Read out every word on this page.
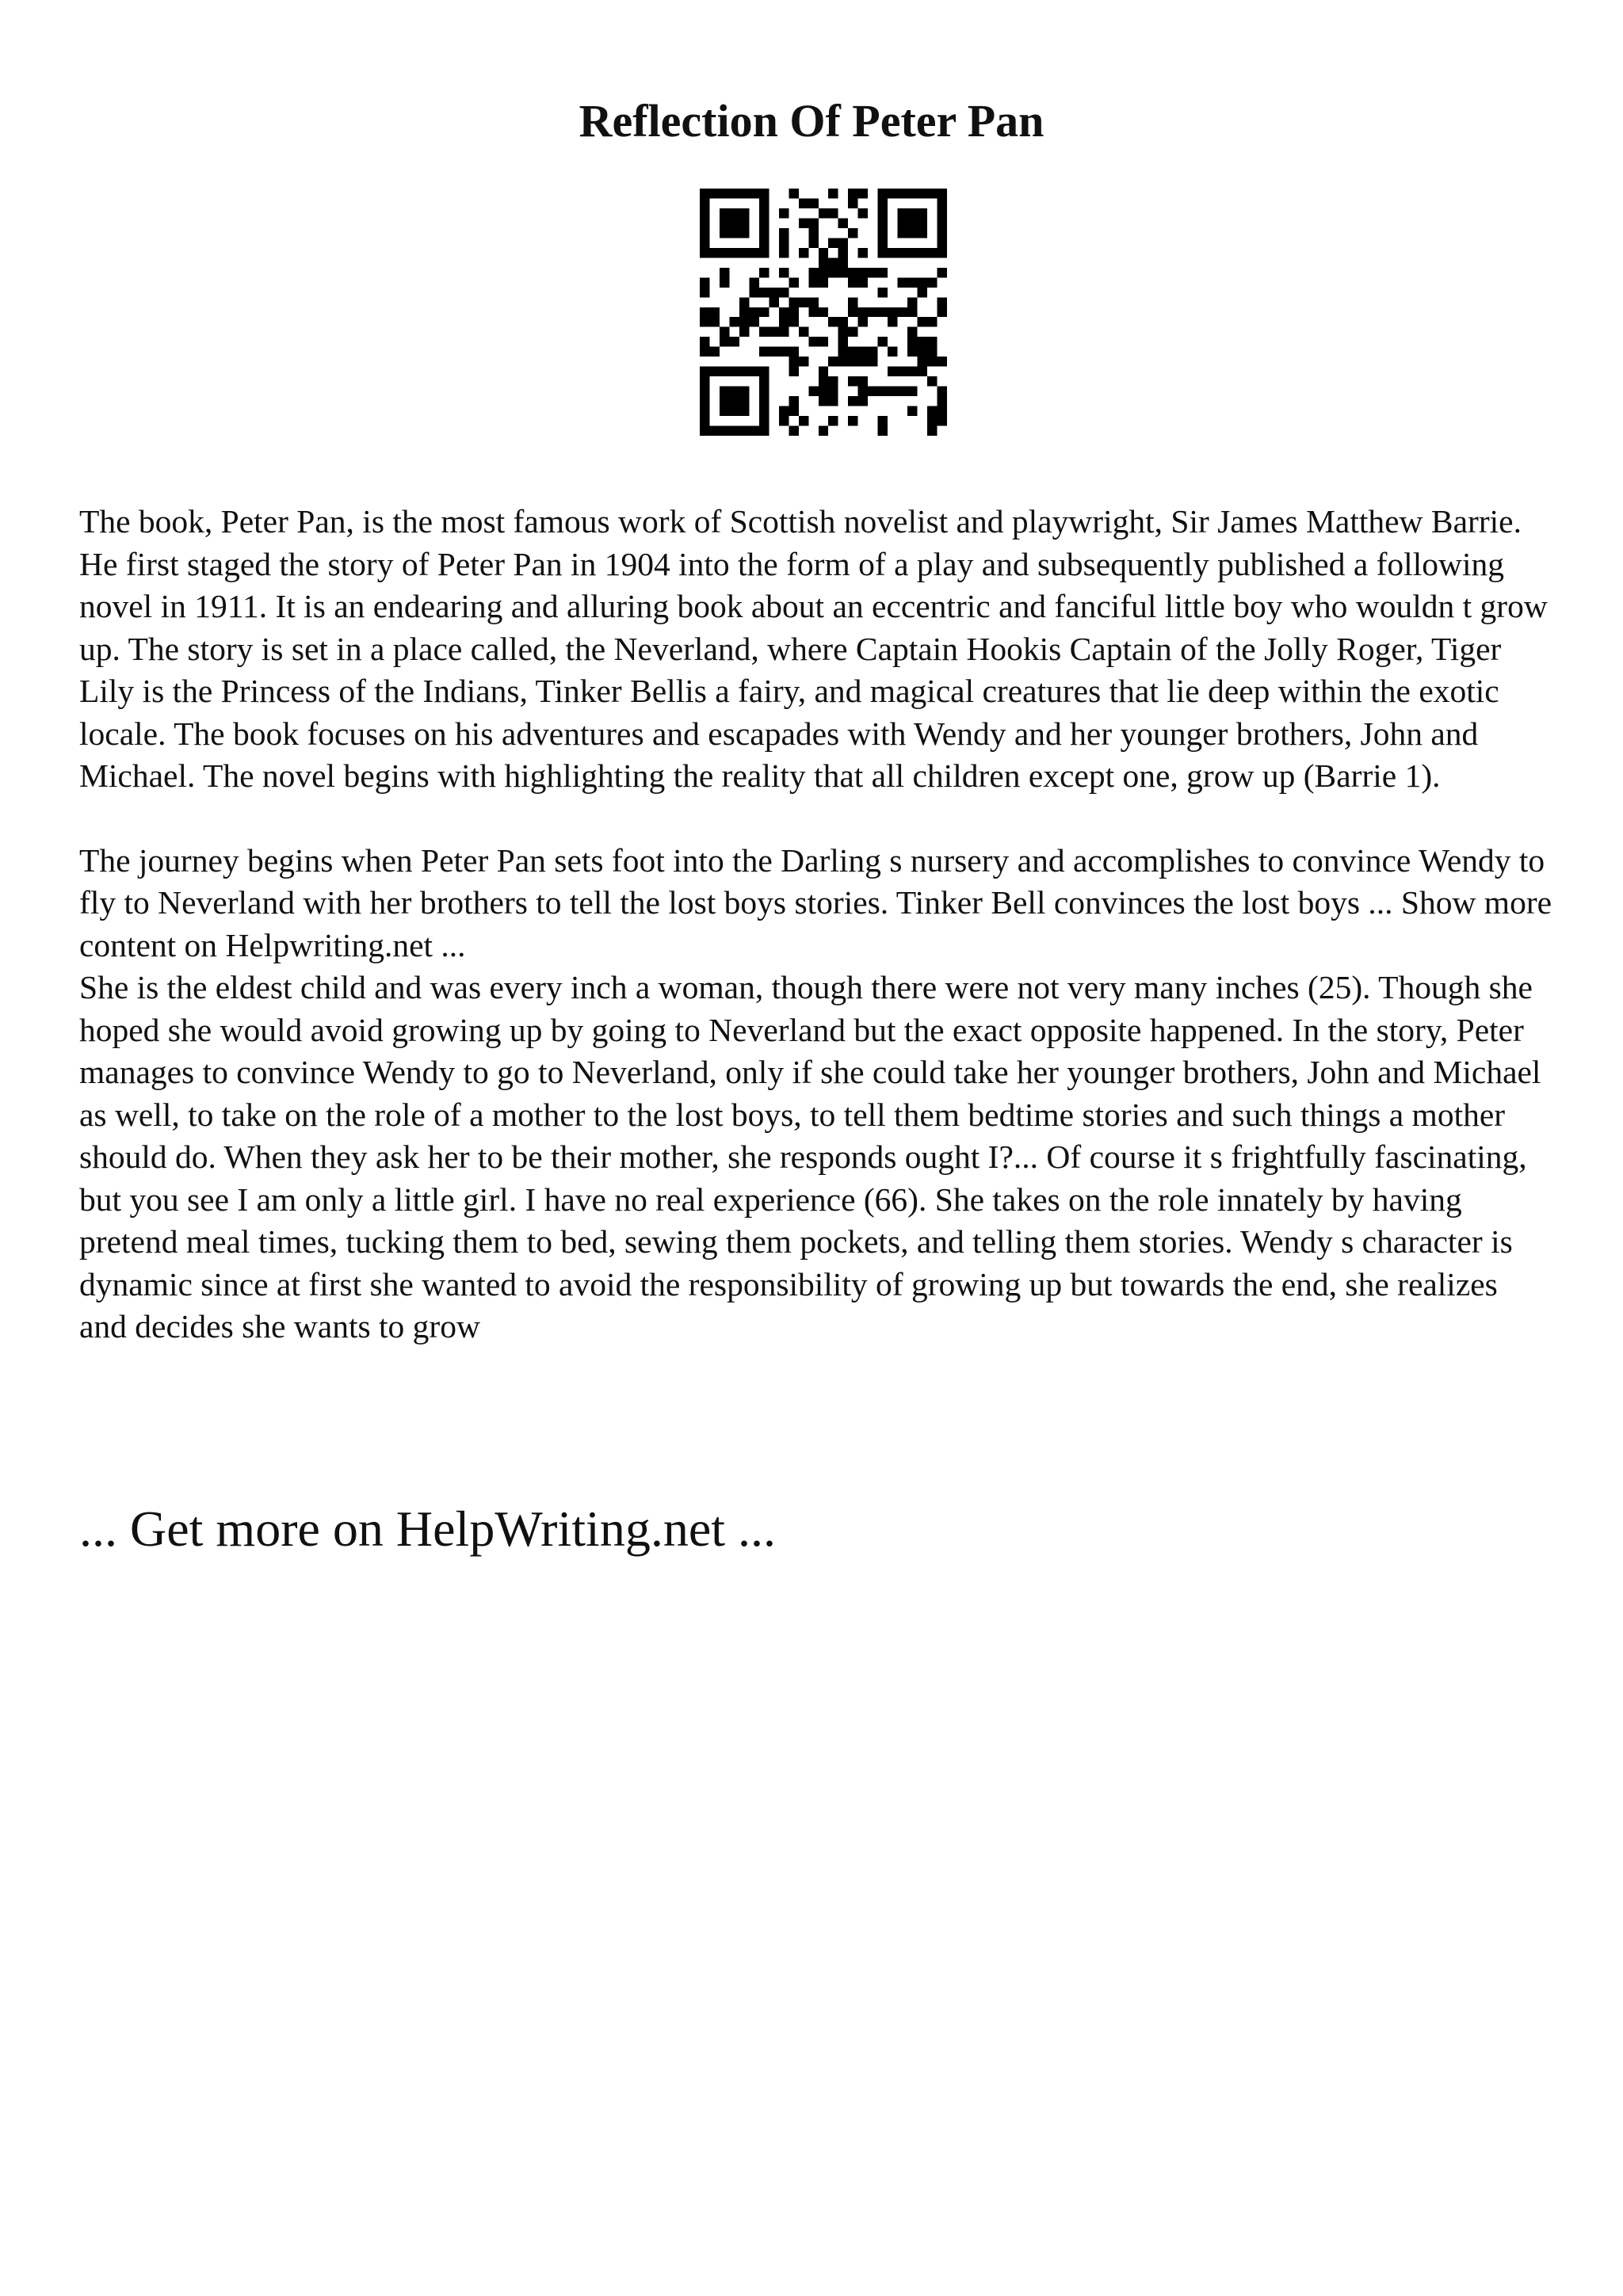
Reflection Of Peter Pan

The book, Peter Pan, is the most famous work of Scottish novelist and playwright, Sir James Matthew Barrie. He first staged the story of Peter Pan in 1904 into the form of a play and subsequently published a following novel in 1911. It is an endearing and alluring book about an eccentric and fanciful little boy who wouldn t grow up. The story is set in a place called, the Neverland, where Captain Hookis Captain of the Jolly Roger, Tiger Lily is the Princess of the Indians, Tinker Bellis a fairy, and magical creatures that lie deep within the exotic locale. The book focuses on his adventures and escapades with Wendy and her younger brothers, John and Michael. The novel begins with highlighting the reality that all children except one, grow up (Barrie 1).

The journey begins when Peter Pan sets foot into the Darling s nursery and accomplishes to convince Wendy to fly to Neverland with her brothers to tell the lost boys stories. Tinker Bell convinces the lost boys ... Show more content on Helpwriting.net ...

She is the eldest child and was every inch a woman, though there were not very many inches (25). Though she hoped she would avoid growing up by going to Neverland but the exact opposite happened. In the story, Peter manages to convince Wendy to go to Neverland, only if she could take her younger brothers, John and Michael as well, to take on the role of a mother to the lost boys, to tell them bedtime stories and such things a mother should do. When they ask her to be their mother, she responds ought I?... Of course it s frightfully fascinating, but you see I am only a little girl. I have no real experience (66). She takes on the role innately by having pretend meal times, tucking them to bed, sewing them pockets, and telling them stories. Wendy s character is dynamic since at first she wanted to avoid the responsibility of growing up but towards the end, she realizes and decides she wants to grow

... Get more on HelpWriting.net ...
